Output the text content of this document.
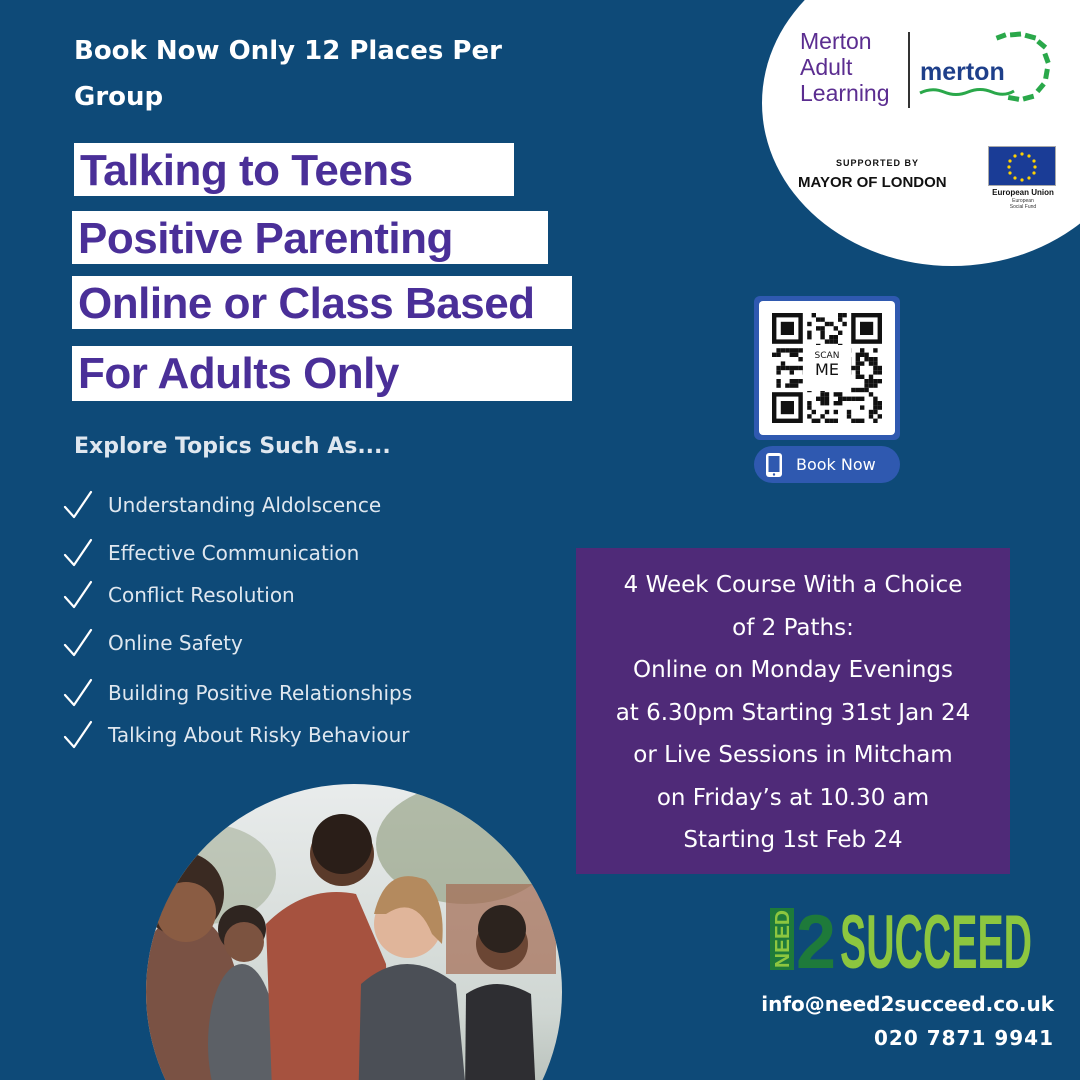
Book Now Only 12 Places Per Group
Talking to Teens
Positive Parenting
Online or Class Based
For Adults Only
Explore Topics Such As....
Understanding Aldolscence
Effective Communication
Conflict Resolution
Online Safety
Building Positive Relationships
Talking About Risky Behaviour
Merton
Adult
Learning
merton
SUPPORTED BY
MAYOR OF LONDON
European Union
European
Social Fund
SCAN
ME
Book Now
4 Week Course With a Choice
of 2 Paths:
Online on Monday Evenings
at 6.30pm Starting 31st Jan 24
or Live Sessions in Mitcham
on Friday’s at 10.30 am
Starting 1st Feb 24
NEED 2 SUCCEED
info@need2succeed.co.uk
020 7871 9941
